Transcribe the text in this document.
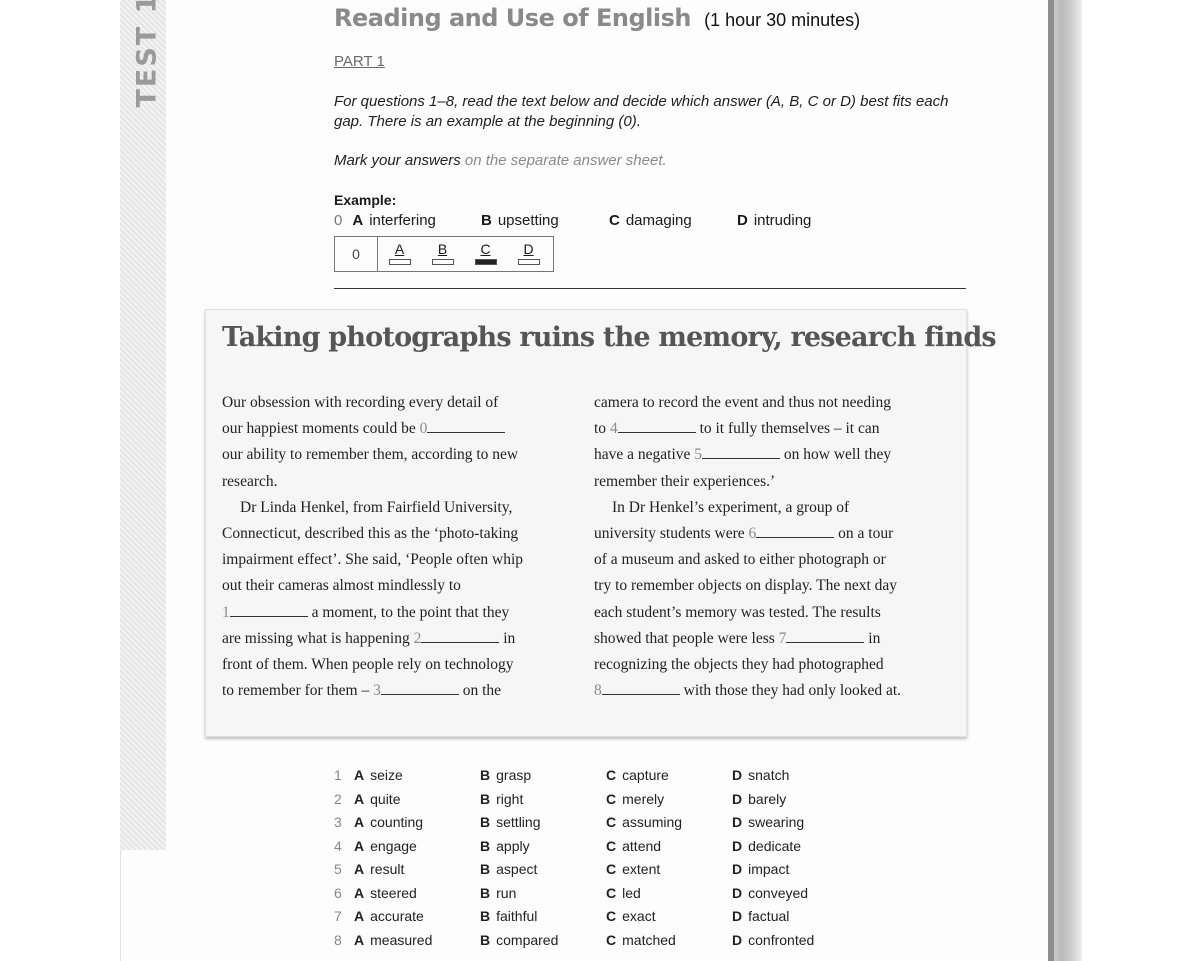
Reading and Use of English (1 hour 30 minutes)
PART 1
For questions 1–8, read the text below and decide which answer (A, B, C or D) best fits each gap. There is an example at the beginning (0).
Mark your answers on the separate answer sheet.
Example:
0 A interfering	B upsetting	C damaging	D intruding
0	A	B	C	D
Taking photographs ruins the memory, research finds

Our obsession with recording every detail of

our happiest moments could be 0

our ability to remember them, according to new

research.

Dr Linda Henkel, from Fairfield University,

Connecticut, described this as the ‘photo-taking

impairment effect’. She said, ‘People often whip

out their cameras almost mindlessly to

1	a moment, to the point that they

are missing what is happening 2	in

front of them. When people rely on technology

to remember for them – 3	on the

camera to record the event and thus not needing

to 4	to it fully themselves – it can

have a negative 5	on how well they

remember their experiences.’

In Dr Henkel’s experiment, a group of

university students were 6	on a tour

of a museum and asked to either photograph or

try to remember objects on display. The next day

each student’s memory was tested. The results

showed that people were less 7	in

recognizing the objects they had photographed

8	with those they had only looked at.

1 A seize	B grasp	C capture	D snatch
2 A quite	B right	C merely	D barely
3 A counting	B settling	C assuming	D swearing
4 A engage	B apply	C attend	D dedicate
5 A result	B aspect	C extent	D impact
6 A steered	B run	C led	D conveyed
7 A accurate	B faithful	C exact	D factual
8 A measured	B compared	C matched	D confronted
